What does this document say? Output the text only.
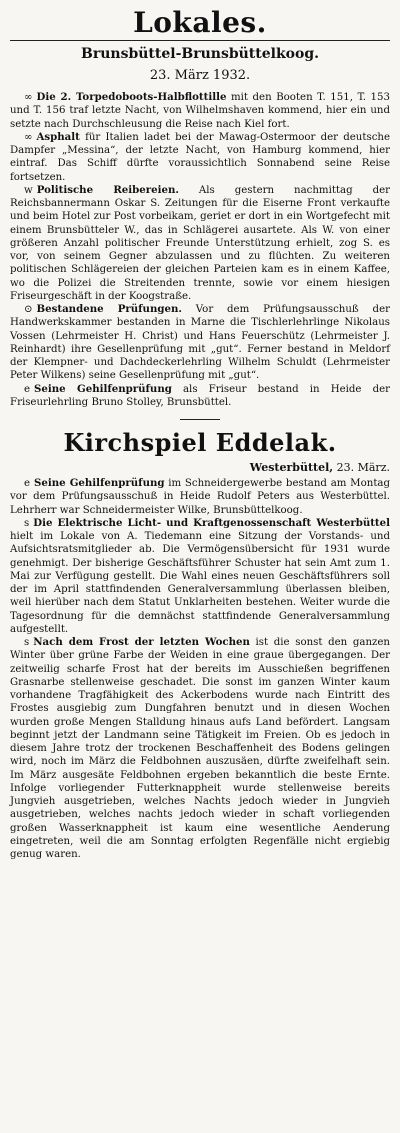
Lokales.
Brunsbüttel-Brunsbüttelkoog.
23. März 1932.

∞ Die 2. Torpedoboots-Halbflottille mit den Booten T. 151, T. 153 und T. 156 traf letzte Nacht, von Wilhelmshaven kommend, hier ein und setzte nach Durchschleusung die Reise nach Kiel fort.

∞ Asphalt für Italien ladet bei der Mawag-Ostermoor der deutsche Dampfer „Messina“, der letzte Nacht, von Hamburg kommend, hier eintraf. Das Schiff dürfte voraussichtlich Sonnabend seine Reise fortsetzen.

w Politische Reibereien. Als gestern nachmittag der Reichsbannermann Oskar S. Zeitungen für die Eiserne Front verkaufte und beim Hotel zur Post vorbeikam, geriet er dort in ein Wortgefecht mit einem Brunsbütteler W., das in Schlägerei ausartete. Als W. von einer größeren Anzahl politischer Freunde Unterstützung erhielt, zog S. es vor, von seinem Gegner abzulassen und zu flüchten. Zu weiteren politischen Schlägereien der gleichen Parteien kam es in einem Kaffee, wo die Polizei die Streitenden trennte, sowie vor einem hiesigen Friseurgeschäft in der Koogstraße.

⊙ Bestandene Prüfungen. Vor dem Prüfungsausschuß der Handwerkskammer bestanden in Marne die Tischlerlehrlinge Nikolaus Vossen (Lehrmeister H. Christ) und Hans Feuerschütz (Lehrmeister J. Reinhardt) ihre Gesellenprüfung mit „gut“. Ferner bestand in Meldorf der Klempner- und Dachdeckerlehrling Wilhelm Schuldt (Lehrmeister Peter Wilkens) seine Gesellenprüfung mit „gut“.

e Seine Gehilfenprüfung als Friseur bestand in Heide der Friseurlehrling Bruno Stolley, Brunsbüttel.

Kirchspiel Eddelak.
Westerbüttel, 23. März.

e Seine Gehilfenprüfung im Schneidergewerbe bestand am Montag vor dem Prüfungsausschuß in Heide Rudolf Peters aus Westerbüttel. Lehrherr war Schneidermeister Wilke, Brunsbüttelkoog.

s Die Elektrische Licht- und Kraftgenossenschaft Westerbüttel hielt im Lokale von A. Tiedemann eine Sitzung der Vorstands- und Aufsichtsratsmitglieder ab. Die Vermögensübersicht für 1931 wurde genehmigt. Der bisherige Geschäftsführer Schuster hat sein Amt zum 1. Mai zur Verfügung gestellt. Die Wahl eines neuen Geschäftsführers soll der im April stattfindenden Generalversammlung überlassen bleiben, weil hierüber nach dem Statut Unklarheiten bestehen. Weiter wurde die Tagesordnung für die demnächst stattfindende Generalversammlung aufgestellt.

s Nach dem Frost der letzten Wochen ist die sonst den ganzen Winter über grüne Farbe der Weiden in eine graue übergegangen. Der zeitweilig scharfe Frost hat der bereits im Ausschießen begriffenen Grasnarbe stellenweise geschadet. Die sonst im ganzen Winter kaum vorhandene Tragfähigkeit des Ackerbodens wurde nach Eintritt des Frostes ausgiebig zum Dungfahren benutzt und in diesen Wochen wurden große Mengen Stalldung hinaus aufs Land befördert. Langsam beginnt jetzt der Landmann seine Tätigkeit im Freien. Ob es jedoch in diesem Jahre trotz der trockenen Beschaffenheit des Bodens gelingen wird, noch im März die Feldbohnen auszusäen, dürfte zweifelhaft sein. Im März ausgesäte Feldbohnen ergeben bekanntlich die beste Ernte. Infolge vorliegender Futterknappheit wurde stellenweise bereits Jungvieh ausgetrieben, welches Nachts jedoch wieder in Jungvieh ausgetrieben, welches nachts jedoch wieder in schaft vorliegenden großen Wasserknappheit ist kaum eine wesentliche Aenderung eingetreten, weil die am Sonntag erfolgten Regenfälle nicht ergiebig genug waren.
